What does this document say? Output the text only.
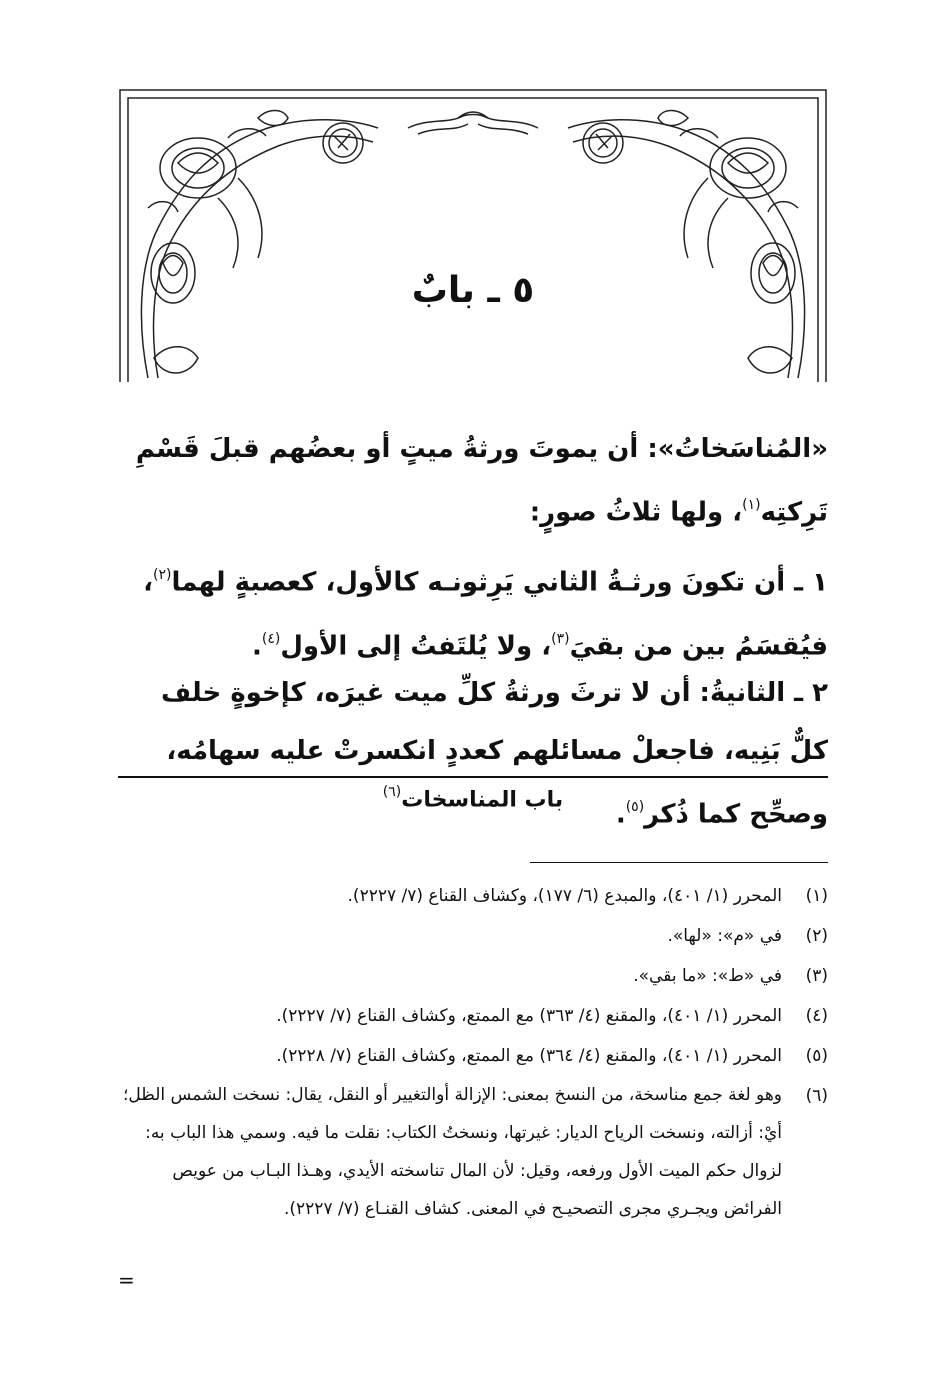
٥ ـ بابٌ

«المُناسَخاتُ»: أن يموتَ ورثةُ ميتٍ أو بعضُهم قبلَ قَسْمِ تَرِكتِه$^{(١)}$، ولها ثلاثُ صورٍ:

١ ـ أن تكونَ ورثـةُ الثاني يَرِثونـه كالأول، كعصبةٍ لهما$^{(٢)}$، فيُقسَمُ بين من بقيَ$^{(٣)}$، ولا يُلتَفتُ إلى الأول$^{(٤)}$.

٢ ـ الثانيةُ: أن لا ترثَ ورثةُ كلِّ ميت غيرَه، كإخوةٍ خلف كلٌّ بَنِيه، فاجعلْ مسائلهم كعددٍ انكسرتْ عليه سهامُه، وصحِّح كما ذُكر$^{(٥)}$.

باب المناسخات$^{(٦)}$
(١)
المحرر (١/ ٤٠١)، والمبدع (٦/ ١٧٧)، وكشاف القناع (٧/ ٢٢٢٧).
(٢)
في «م»: «لها».
(٣)
في «ط»: «ما بقي».
(٤)
المحرر (١/ ٤٠١)، والمقنع (٤/ ٣٦٣) مع الممتع، وكشاف القناع (٧/ ٢٢٢٧).
(٥)
المحرر (١/ ٤٠١)، والمقنع (٤/ ٣٦٤) مع الممتع، وكشاف القناع (٧/ ٢٢٢٨).
(٦)
وهو لغة جمع مناسخة، من النسخ بمعنى: الإزالة أوالتغيير أو النقل، يقال: نسخت الشمس الظل؛ أيْ: أزالته، ونسخت الرياح الديار: غيرتها، ونسختُ الكتاب: نقلت ما فيه. وسمي هذا الباب به: لزوال حكم الميت الأول ورفعه، وقيل: لأن المال تناسخته الأيدي، وهـذا البـاب من عويص الفرائض ويجـري مجرى التصحيـح في المعنى. كشاف القنـاع (٧/ ٢٢٢٧).
=
